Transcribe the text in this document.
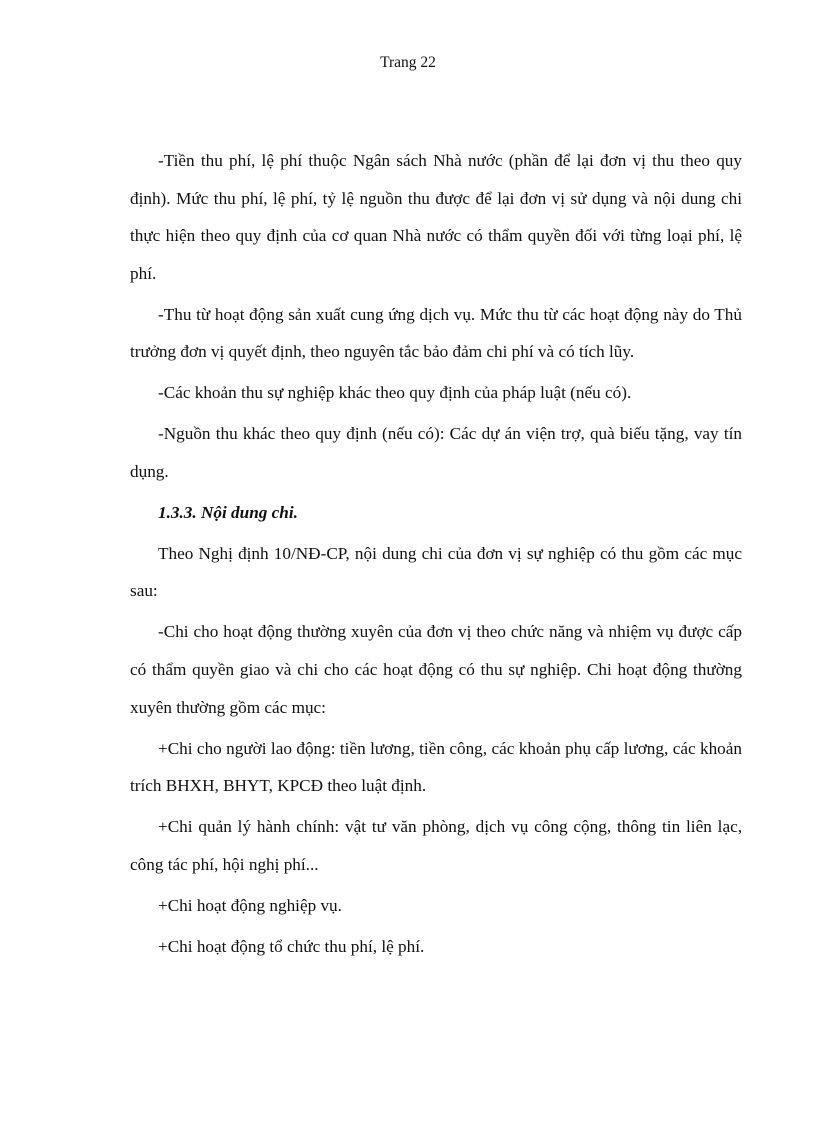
Trang 22

-Tiền thu phí, lệ phí thuộc Ngân sách Nhà nước (phần để lại đơn vị thu theo quy định). Mức thu phí, lệ phí, tỷ lệ nguồn thu được để lại đơn vị sử dụng và nội dung chi thực hiện theo quy định của cơ quan Nhà nước có thẩm quyền đối với từng loại phí, lệ phí.

-Thu từ hoạt động sản xuất cung ứng dịch vụ. Mức thu từ các hoạt động này do Thủ trưởng đơn vị quyết định, theo nguyên tắc bảo đảm chi phí và có tích lũy.

-Các khoản thu sự nghiệp khác theo quy định của pháp luật (nếu có).

-Nguồn thu khác theo quy định (nếu có): Các dự án viện trợ, quà biếu tặng, vay tín dụng.

1.3.3. Nội dung chi.

Theo Nghị định 10/NĐ-CP, nội dung chi của đơn vị sự nghiệp có thu gồm các mục sau:

-Chi cho hoạt động thường xuyên của đơn vị theo chức năng và nhiệm vụ được cấp có thẩm quyền giao và chi cho các hoạt động có thu sự nghiệp. Chi hoạt động thường xuyên thường gồm các mục:

+Chi cho người lao động: tiền lương, tiền công, các khoản phụ cấp lương, các khoản trích BHXH, BHYT, KPCĐ theo luật định.

+Chi quản lý hành chính: vật tư văn phòng, dịch vụ công cộng, thông tin liên lạc, công tác phí, hội nghị phí...

+Chi hoạt động nghiệp vụ.

+Chi hoạt động tổ chức thu phí, lệ phí.
